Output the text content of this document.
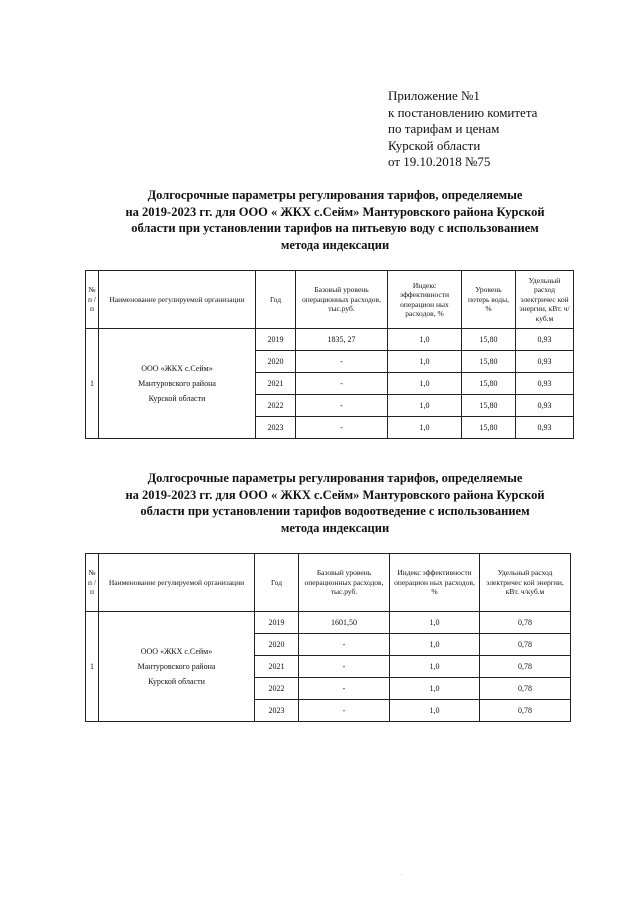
Приложение №1
к постановлению комитета
по тарифам и ценам
Курской области
от 19.10.2018 №75
Долгосрочные параметры регулирования тарифов, определяемые
на 2019-2023 гг. для ООО « ЖКХ с.Сейм» Мантуровского района Курской
области при установлении тарифов на питьевую воду с использованием
метода индексации
№ п / п	Наименование регулируемой организации	Год	Базовый уровень операционных расходов, тыс.руб.	Индекс эффективности операцион ных расходов, %	Уровень потерь воды, %	Удельный расход электричес кой энергии, кВт. ч/куб.м
1	ООО «ЖКХ с.Сейм»
Мантуровского района
Курской области	2019	1835, 27	1,0	15,80	0,93
		2020	-	1,0	15,80	0,93
		2021	-	1,0	15,80	0,93
		2022	-	1,0	15,80	0,93
		2023	-	1,0	15,80	0,93
Долгосрочные параметры регулирования тарифов, определяемые
на 2019-2023 гг. для ООО « ЖКХ с.Сейм» Мантуровского района Курской
области при установлении тарифов водоотведение с использованием
метода индексации
№ п / п	Наименование регулируемой организации	Год	Базовый уровень операционных расходов, тыс.руб.	Индекс эффективности операцион ных расходов, %	Удельный расход электричес кой энергии, кВт. ч/куб.м
1	ООО «ЖКХ с.Сейм»
Мантуровского района
Курской области	2019	1601,50	1,0	0,78
		2020	-	1,0	0,78
		2021	-	1,0	0,78
		2022	-	1,0	0,78
		2023	-	1,0	0,78
·
